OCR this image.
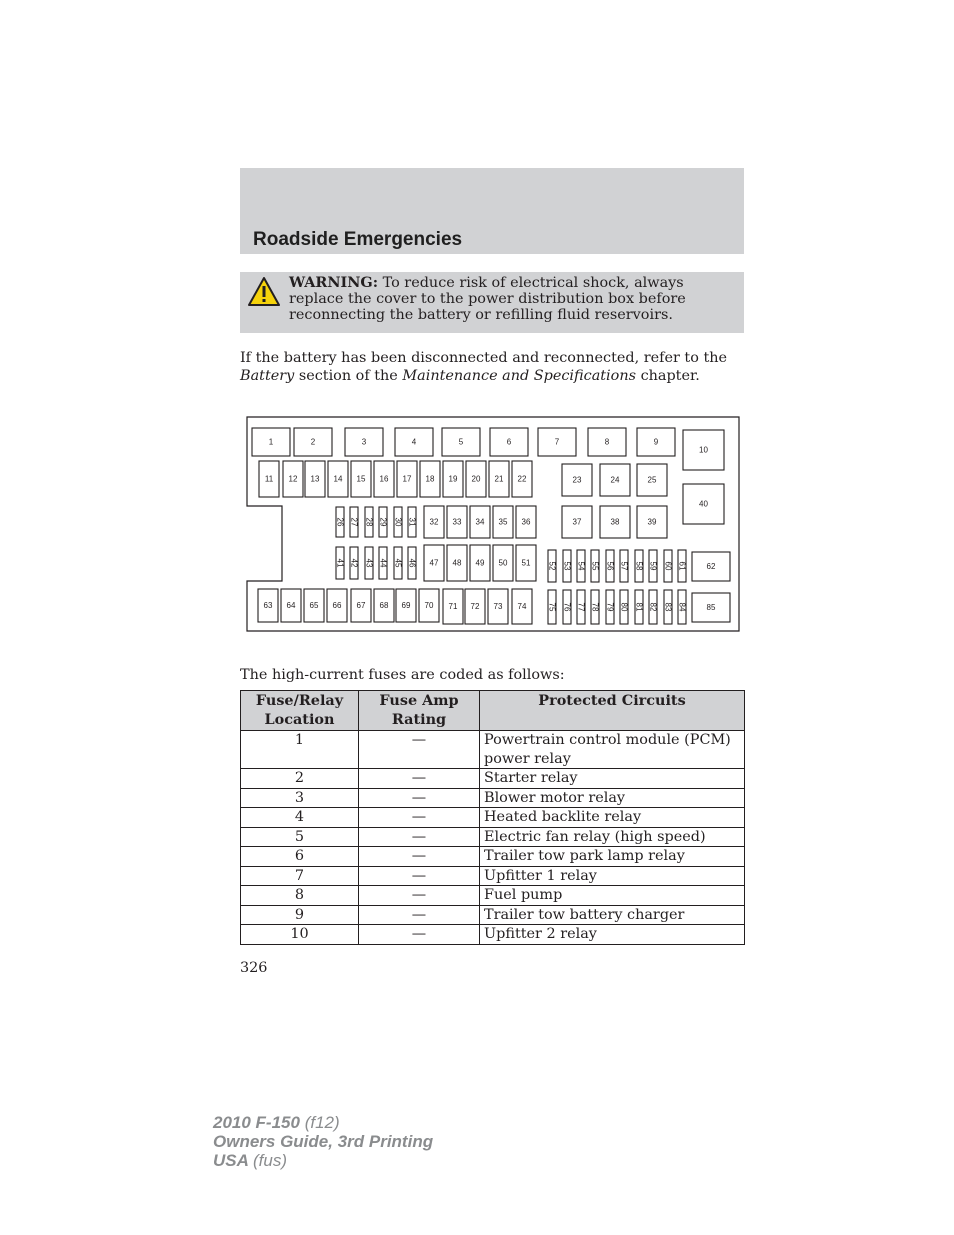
Roadside Emergencies
WARNING: To reduce risk of electrical shock, always replace the cover to the power distribution box before reconnecting the battery or refilling fluid reservoirs.

If the battery has been disconnected and reconnected, refer to the Battery section of the Maintenance and Specifications chapter.

1	2	3	4	5	6	7	8	9
10
40
62
85
11 12 13 14 15 16 17 18 19 20 21 22	23	24	25
37	38	39
32 33 34 35 36
47 48 49 50 51
26 27 28 29 30 31
41 42 43 44 45 46	52 53 54 55 56 57 58 59 60 61
75 76 77 78 79 80 81 82 83 84
63 64 65 66 67 68 69 70 71 72 73 74

The high-current fuses are coded as follows:

Fuse/Relay Location	Fuse Amp Rating	Protected Circuits
1	—	Powertrain control module (PCM) power relay
2	—	Starter relay
3	—	Blower motor relay
4	—	Heated backlite relay
5	—	Electric fan relay (high speed)
6	—	Trailer tow park lamp relay
7	—	Upfitter 1 relay
8	—	Fuel pump
9	—	Trailer tow battery charger
10	—	Upfitter 2 relay

326

2010 F-150 (f12)
Owners Guide, 3rd Printing
USA (fus)
